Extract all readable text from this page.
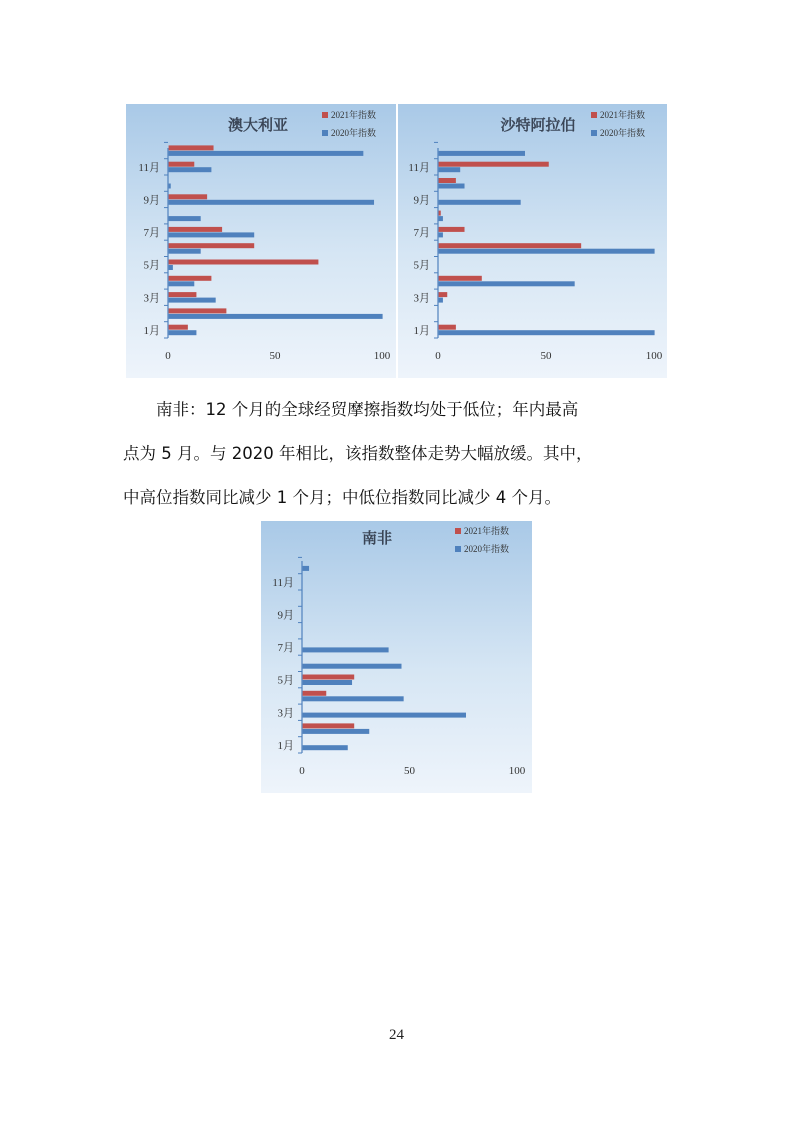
澳大利亚
2021年指数
2020年指数
1月
3月
5月
7月
9月
11月
0	50	100
沙特阿拉伯
2021年指数
2020年指数
1月
3月
5月
7月
9月
11月
0	50	100

　　南非：12 个月的全球经贸摩擦指数均处于低位；年内最高

点为 5 月。与 2020 年相比，该指数整体走势大幅放缓。其中，

中高位指数同比减少 1 个月；中低位指数同比减少 4 个月。

南非	2021年指数
2020年指数
1月
3月
5月
7月
9月
11月
0	50	100
24
